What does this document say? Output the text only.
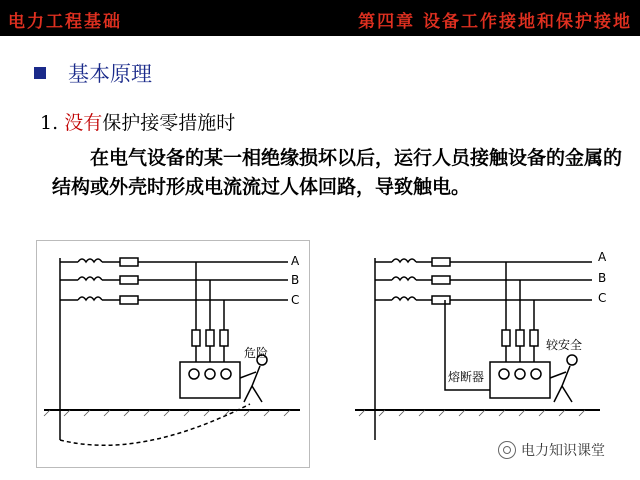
电力工程基础	第四章 设备工作接地和保护接地
基本原理
1. 没有保护接零措施时
在电气设备的某一相绝缘损坏以后，运行人员接触设备的金属的结构或外壳时形成电流流过人体回路，导致触电。
A
B
C
危险
A
B
C
较安全
熔断器
电力知识课堂
